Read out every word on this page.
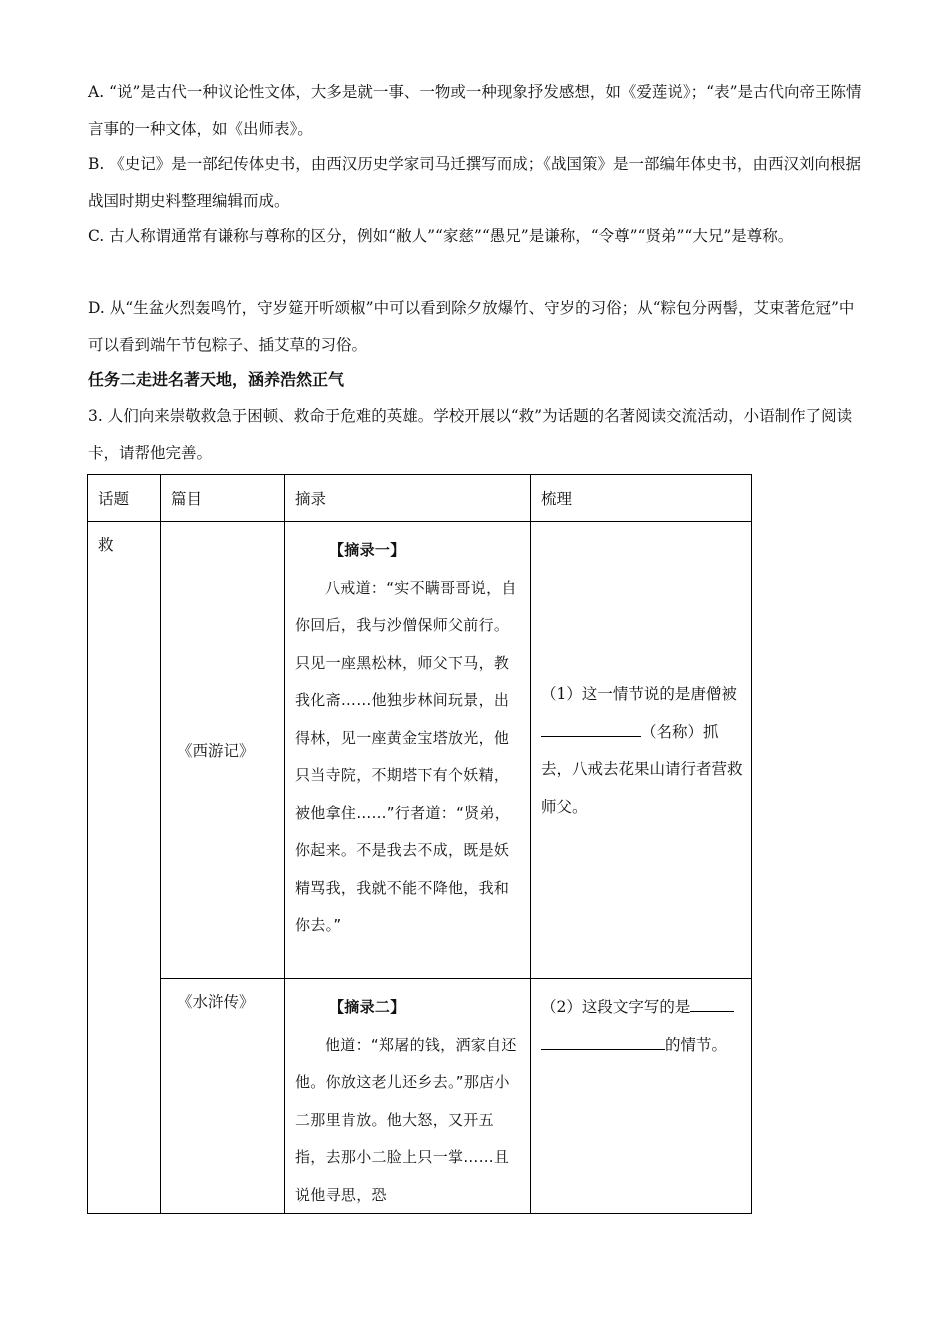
A. “说”是古代一种议论性文体，大多是就一事、一物或一种现象抒发感想，如《爱莲说》；“表”是古代向帝王陈情言事的一种文体，如《出师表》。
B. 《史记》是一部纪传体史书，由西汉历史学家司马迁撰写而成；《战国策》是一部编年体史书，由西汉刘向根据战国时期史料整理编辑而成。
C. 古人称谓通常有谦称与尊称的区分，例如“敝人”“家慈”“愚兄”是谦称，“令尊”“贤弟”“大兄”是尊称。
D. 从“生盆火烈轰鸣竹，守岁筵开听颂椒”中可以看到除夕放爆竹、守岁的习俗；从“粽包分两髻，艾束著危冠”中可以看到端午节包粽子、插艾草的习俗。
任务二走进名著天地，涵养浩然正气
3. 人们向来崇敬救急于困顿、救命于危难的英雄。学校开展以“救”为话题的名著阅读交流活动，小语制作了阅读卡，请帮他完善。
话题	篇目	摘录	梳理
救	《西游记》	【摘录一】
八戒道：“实不瞒哥哥说，自你回后，我与沙僧保师父前行。只见一座黑松林，师父下马，教我化斋……他独步林间玩景，出得林，见一座黄金宝塔放光，他只当寺院，不期塔下有个妖精，被他拿住……”行者道：“贤弟，你起来。不是我去不成，既是妖精骂我，我就不能不降他，我和你去。”	（1）这一情节说的是唐僧被（名称）抓去，八戒去花果山请行者营救师父。

	《水浒传》	【摘录二】
他道：“郑屠的钱，洒家自还他。你放这老儿还乡去。”那店小二那里肯放。他大怒，又开五指，去那小二脸上只一掌……且说他寻思，恐	（2）这段文字写的是
的情节。
